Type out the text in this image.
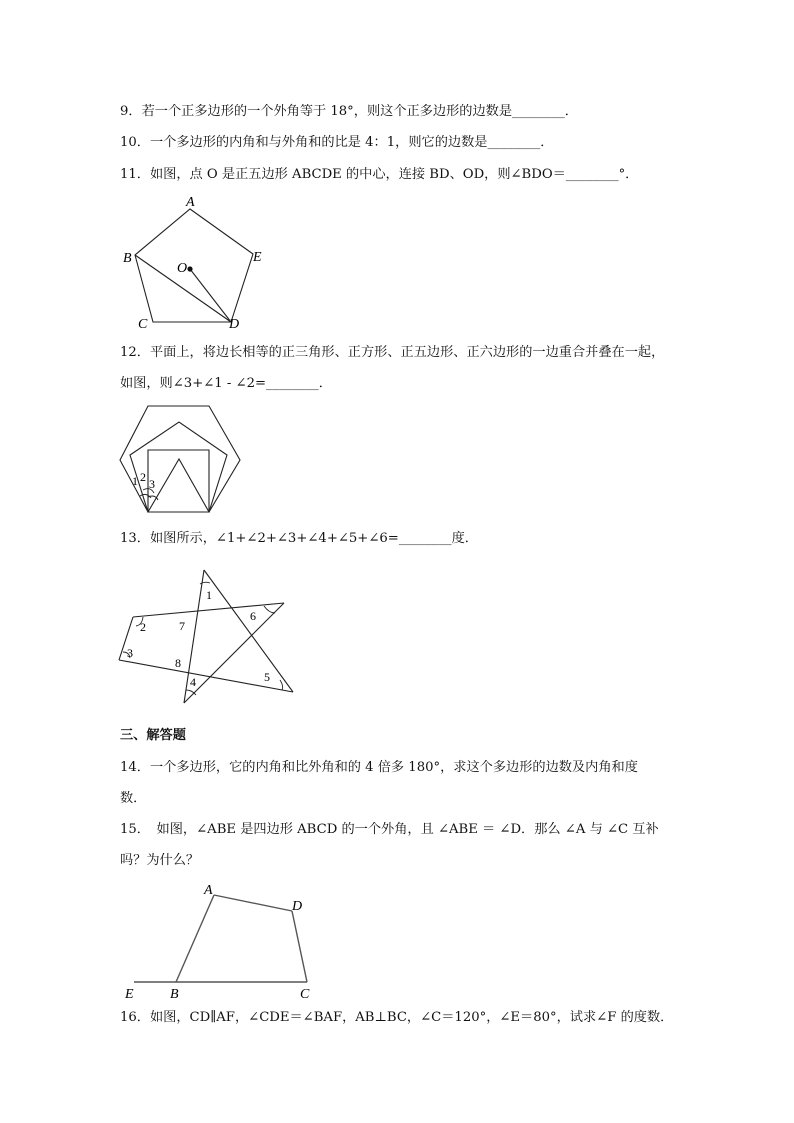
9．若一个正多边形的一个外角等于 18°，则这个正多边形的边数是________．
10．一个多边形的内角和与外角和的比是 4：1，则它的边数是________．
11．如图，点 O 是正五边形 ABCDE 的中心，连接 BD、OD，则∠BDO＝________°．
A
B
C	D
E
O
12．平面上，将边长相等的正三角形、正方形、正五边形、正六边形的一边重合并叠在一起，
如图，则∠3+∠1 - ∠2=________．
1 2 3
13．如图所示，∠1+∠2+∠3+∠4+∠5+∠6=________度．
1
2
3
4	5
6
7
8
三、解答题
14．一个多边形，它的内角和比外角和的 4 倍多 180°，求这个多边形的边数及内角和度
数．
15．　如图，∠ABE 是四边形 ABCD 的一个外角，且 ∠ABE ＝ ∠D．那么 ∠A 与 ∠C 互补
吗？为什么？
A
B	C
D
E
16．如图，CD∥AF，∠CDE＝∠BAF，AB⊥BC，∠C＝120°，∠E＝80°，试求∠F 的度数．
